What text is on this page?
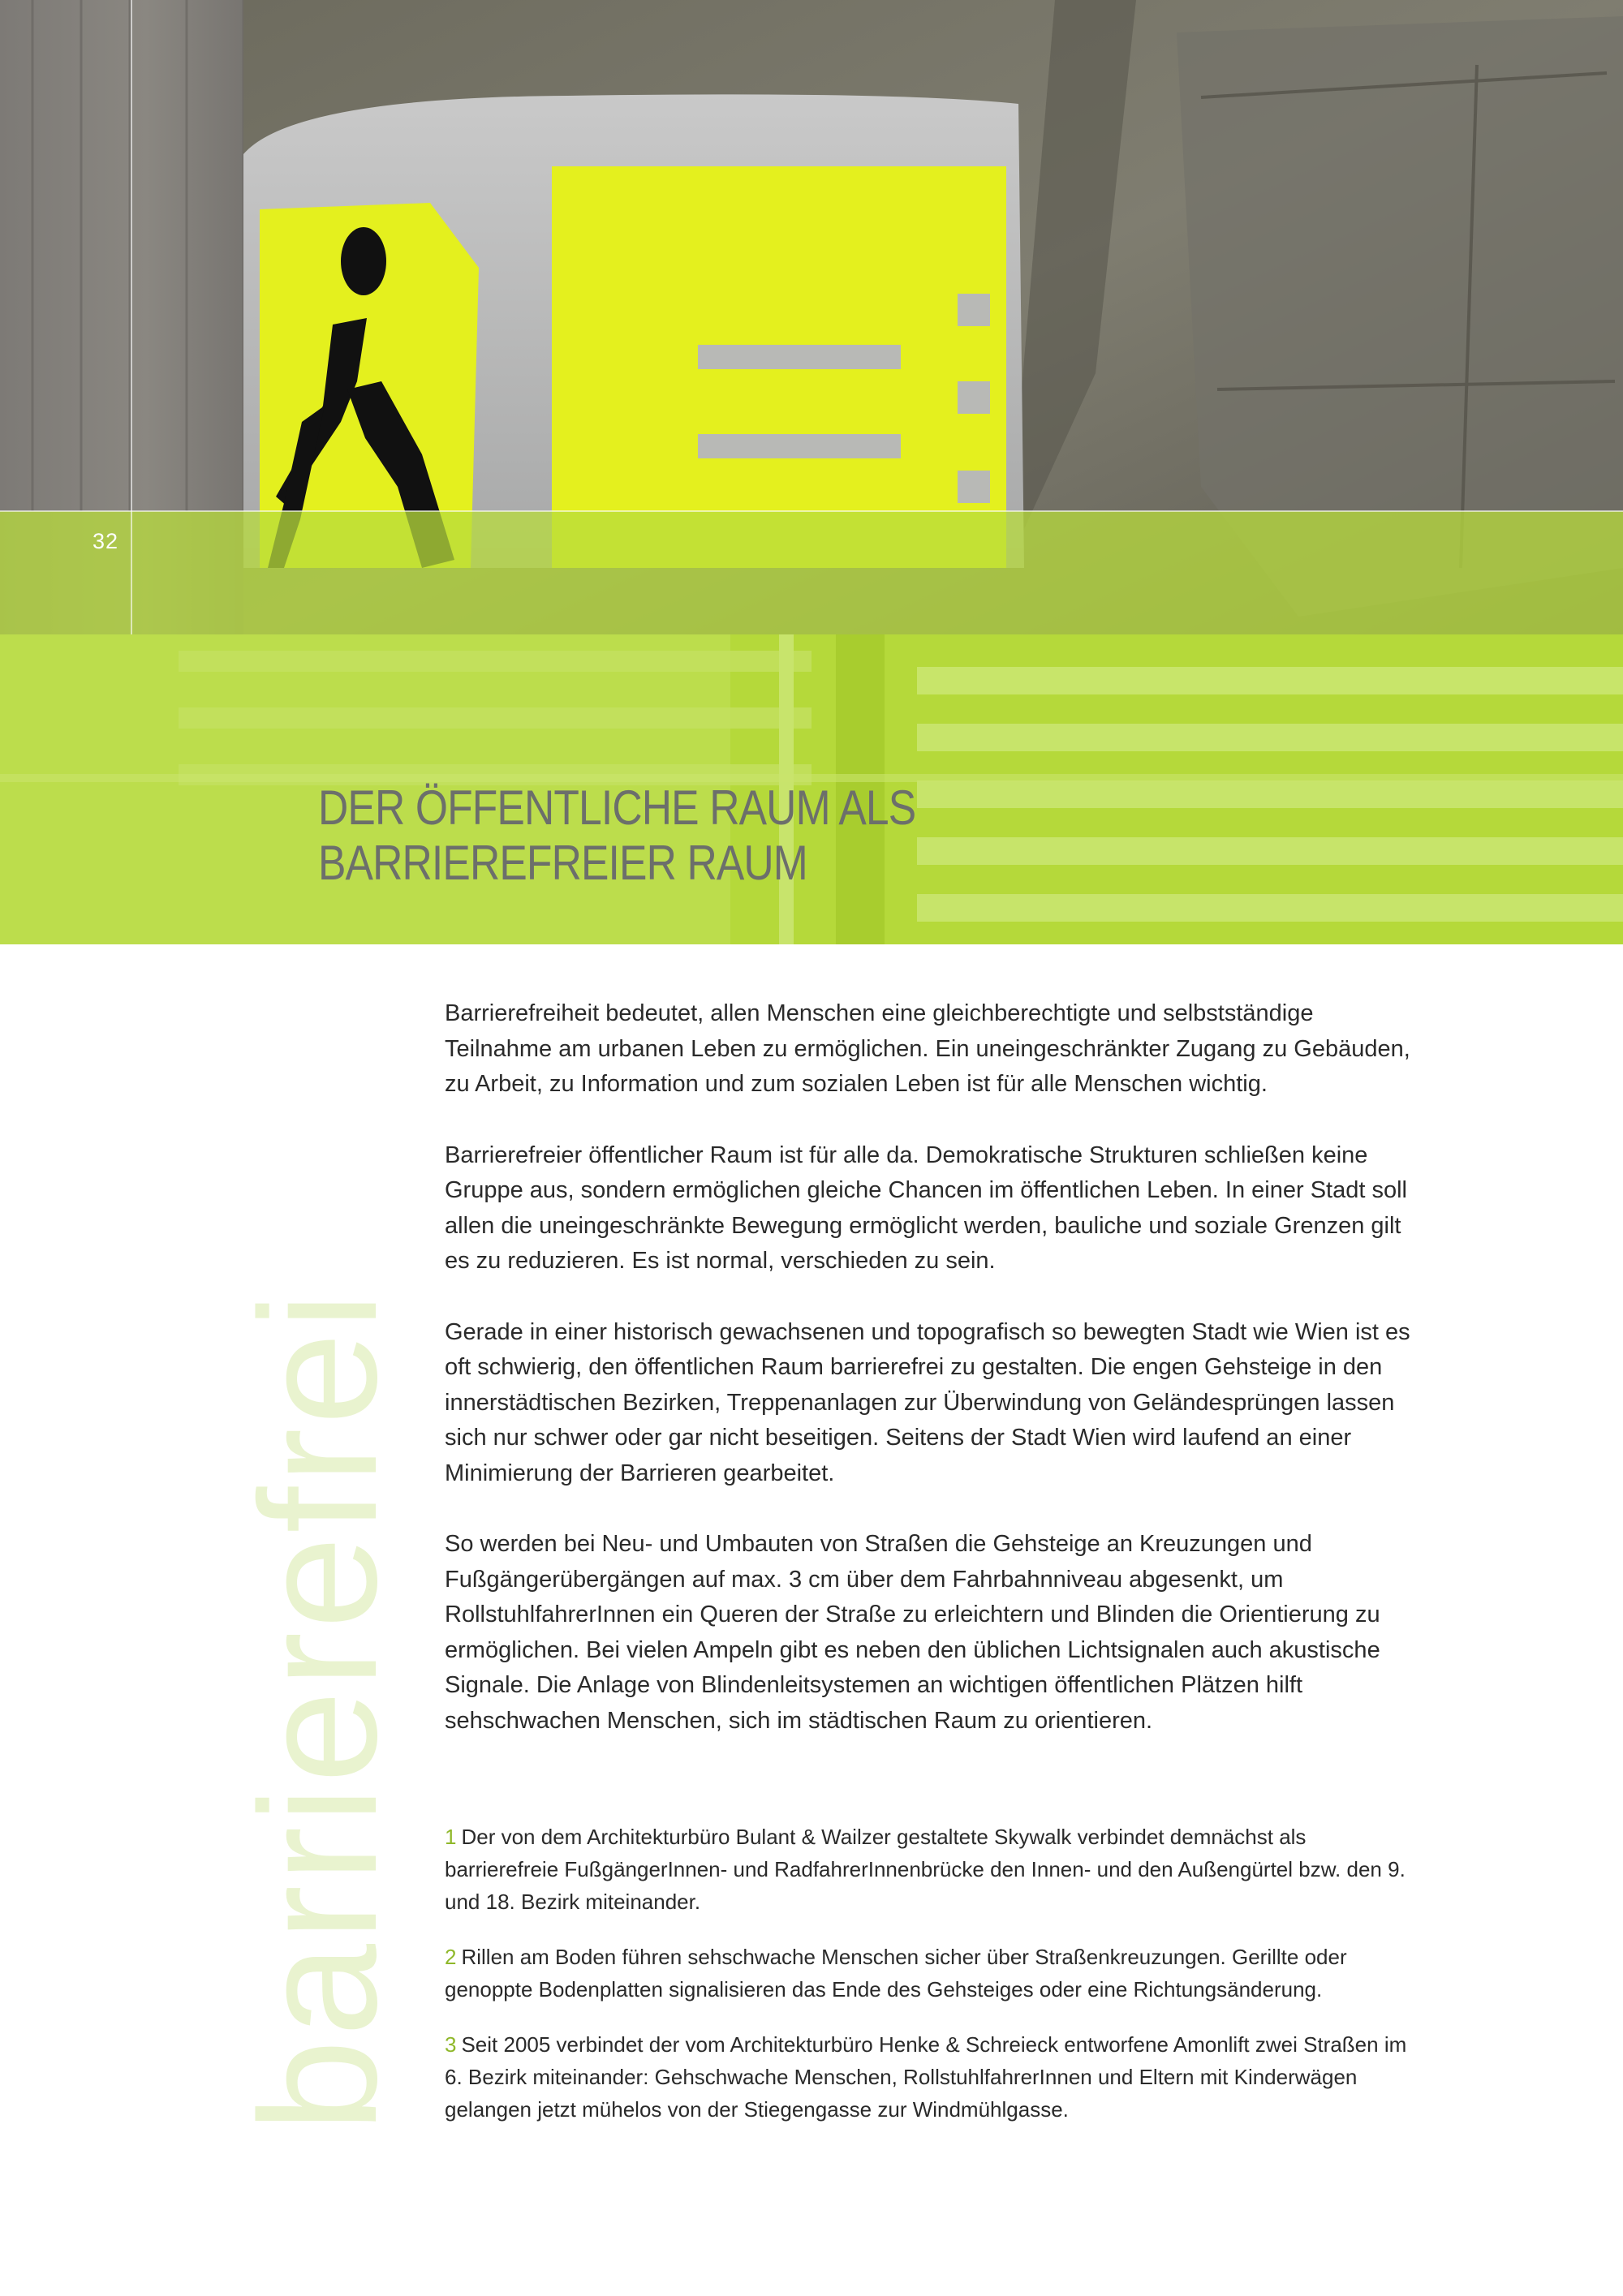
32
DER ÖFFENTLICHE RAUM ALS
BARRIEREFREIER RAUM
barrierefrei

Barrierefreiheit bedeutet, allen Menschen eine gleichberechtigte und selbstständige Teilnahme am urbanen Leben zu ermöglichen. Ein uneingeschränkter Zugang zu Gebäuden, zu Arbeit, zu Information und zum sozialen Leben ist für alle Menschen wichtig.

Barrierefreier öffentlicher Raum ist für alle da. Demokratische Strukturen schließen keine Gruppe aus, sondern ermöglichen gleiche Chancen im öffentlichen Leben. In einer Stadt soll allen die uneingeschränkte Bewegung ermöglicht werden, bauliche und soziale Grenzen gilt es zu reduzieren. Es ist normal, verschieden zu sein.

Gerade in einer historisch gewachsenen und topografisch so bewegten Stadt wie Wien ist es oft schwierig, den öffentlichen Raum barrierefrei zu gestalten. Die engen Gehsteige in den innerstädtischen Bezirken, Treppenanlagen zur Überwindung von Geländesprüngen lassen sich nur schwer oder gar nicht beseitigen. Seitens der Stadt Wien wird laufend an einer Minimierung der Barrieren gearbeitet.

So werden bei Neu- und Umbauten von Straßen die Gehsteige an Kreuzungen und Fußgängerübergängen auf max. 3 cm über dem Fahrbahnniveau abgesenkt, um RollstuhlfahrerInnen ein Queren der Straße zu erleichtern und Blinden die Orientierung zu ermöglichen. Bei vielen Ampeln gibt es neben den üblichen Lichtsignalen auch akustische Signale. Die Anlage von Blindenleitsystemen an wichtigen öffentlichen Plätzen hilft sehschwachen Menschen, sich im städtischen Raum zu orientieren.

1 Der von dem Architekturbüro Bulant & Wailzer gestaltete Skywalk verbindet demnächst als barrierefreie FußgängerInnen- und RadfahrerInnenbrücke den Innen- und den Außengürtel bzw. den 9. und 18. Bezirk miteinander.

2 Rillen am Boden führen sehschwache Menschen sicher über Straßenkreuzungen. Gerillte oder genoppte Bodenplatten signalisieren das Ende des Gehsteiges oder eine Richtungsänderung.

3 Seit 2005 verbindet der vom Architekturbüro Henke & Schreieck entworfene Amonlift zwei Straßen im 6. Bezirk miteinander: Gehschwache Menschen, RollstuhlfahrerInnen und Eltern mit Kinderwägen gelangen jetzt mühelos von der Stiegengasse zur Windmühlgasse.
